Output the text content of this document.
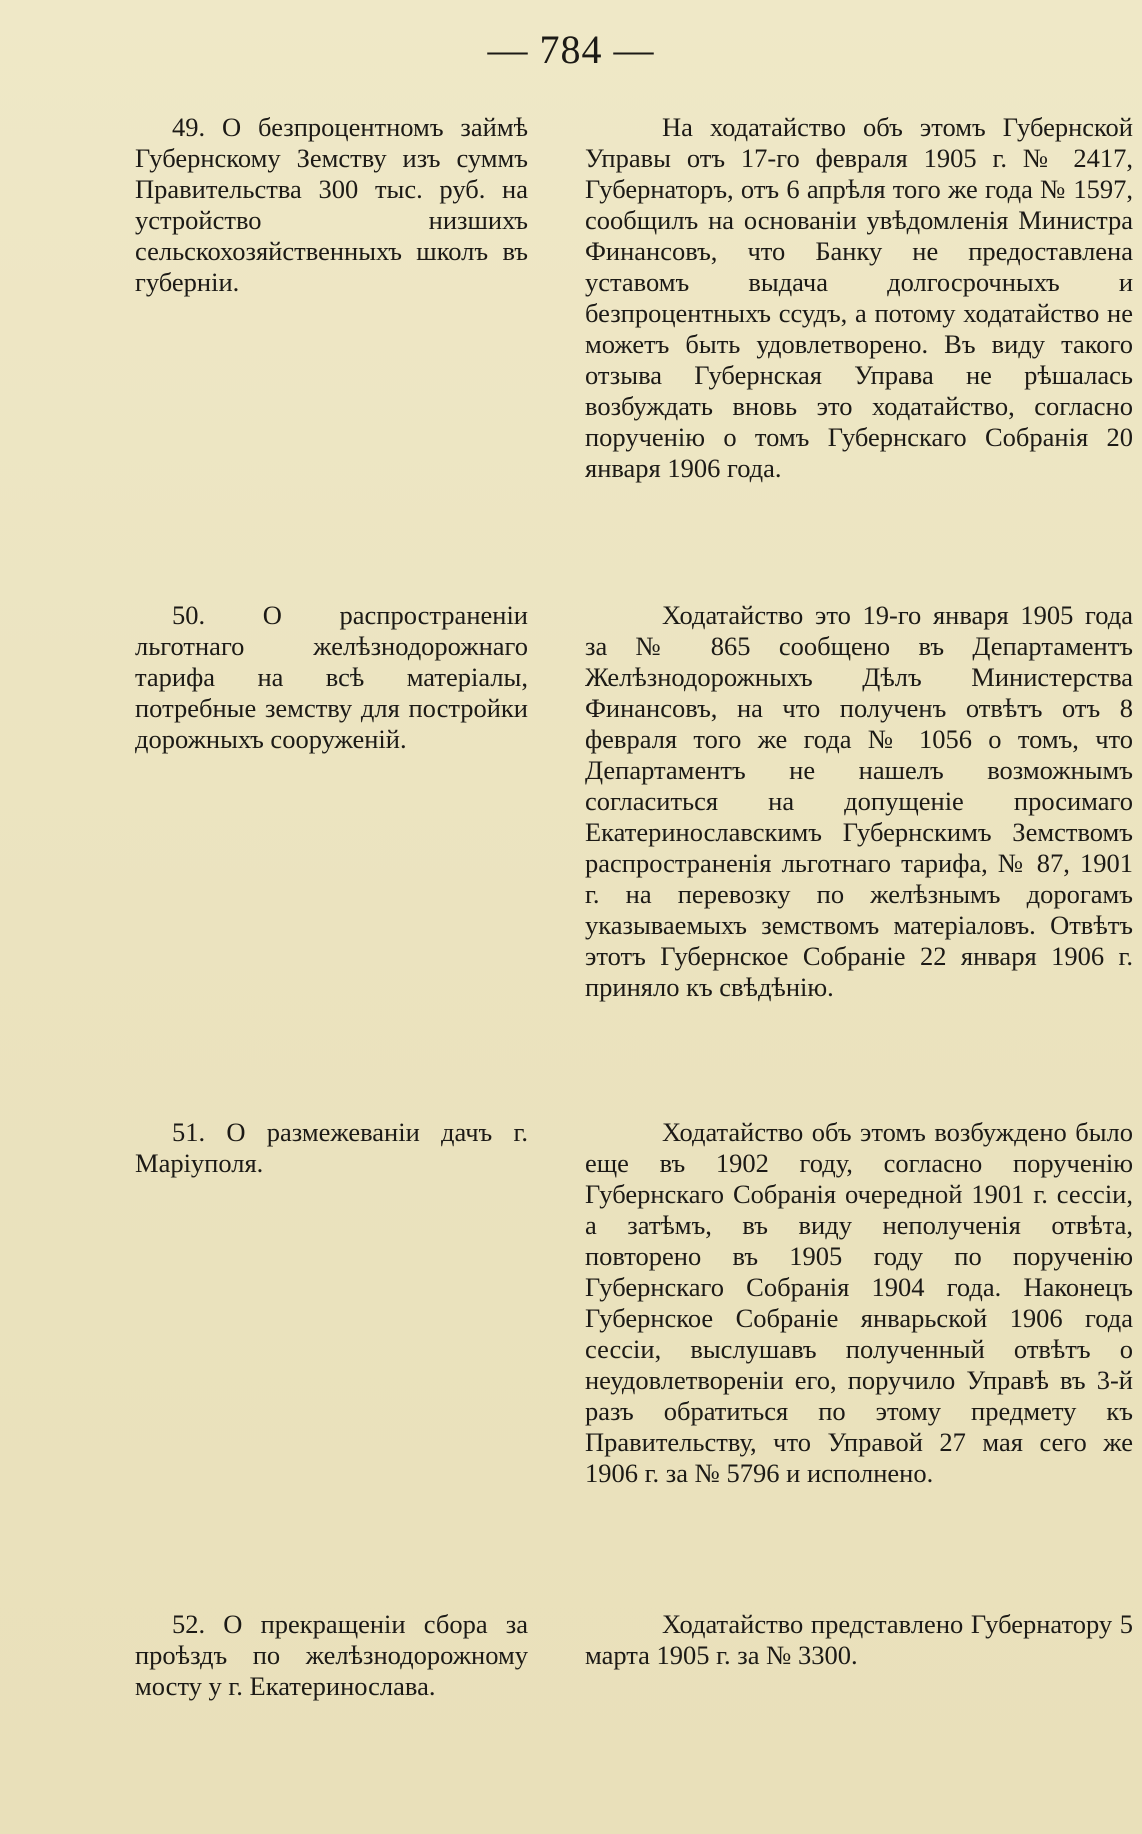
— 784 —

49. О безпроцентномъ займѣ Губернскому Земству изъ суммъ Правительства 300 тыс. руб. на устройство низшихъ сельскохозяйственныхъ школъ въ губерніи.

На ходатайство объ этомъ Губернской Управы отъ 17-го февраля 1905 г. № 2417, Губернаторъ, отъ 6 апрѣля того же года № 1597, сообщилъ на основаніи увѣдомленія Министра Финансовъ, что Банку не предоставлена уставомъ выдача долгосрочныхъ и безпроцентныхъ ссудъ, а потому ходатайство не можетъ быть удовлетворено. Въ виду такого отзыва Губернская Управа не рѣшалась возбуждать вновь это ходатайство, согласно порученію о томъ Губернскаго Собранія 20 января 1906 года.

50. О распространеніи льготнаго желѣзнодорожнаго тарифа на всѣ матеріалы, потребные земству для постройки дорожныхъ сооруженій.

Ходатайство это 19-го января 1905 года за № 865 сообщено въ Департаментъ Желѣзнодорожныхъ Дѣлъ Министерства Финансовъ, на что полученъ отвѣтъ отъ 8 февраля того же года № 1056 о томъ, что Департаментъ не нашелъ возможнымъ согласиться на допущеніе просимаго Екатеринославскимъ Губернскимъ Земствомъ распространенія льготнаго тарифа, № 87, 1901 г. на перевозку по желѣзнымъ дорогамъ указываемыхъ земствомъ матеріаловъ. Отвѣтъ этотъ Губернское Собраніе 22 января 1906 г. приняло къ свѣдѣнію.

51. О размежеваніи дачъ г. Маріуполя.

Ходатайство объ этомъ возбуждено было еще въ 1902 году, согласно порученію Губернскаго Собранія очередной 1901 г. сессіи, а затѣмъ, въ виду неполученія отвѣта, повторено въ 1905 году по порученію Губернскаго Собранія 1904 года. Наконецъ Губернское Собраніе январьской 1906 года сессіи, выслушавъ полученный отвѣтъ о неудовлетвореніи его, поручило Управѣ въ 3-й разъ обратиться по этому предмету къ Правительству, что Управой 27 мая сего же 1906 г. за № 5796 и исполнено.

52. О прекращеніи сбора за проѣздъ по желѣзнодорожному мосту у г. Екатеринослава.

Ходатайство представлено Губернатору 5 марта 1905 г. за № 3300.
